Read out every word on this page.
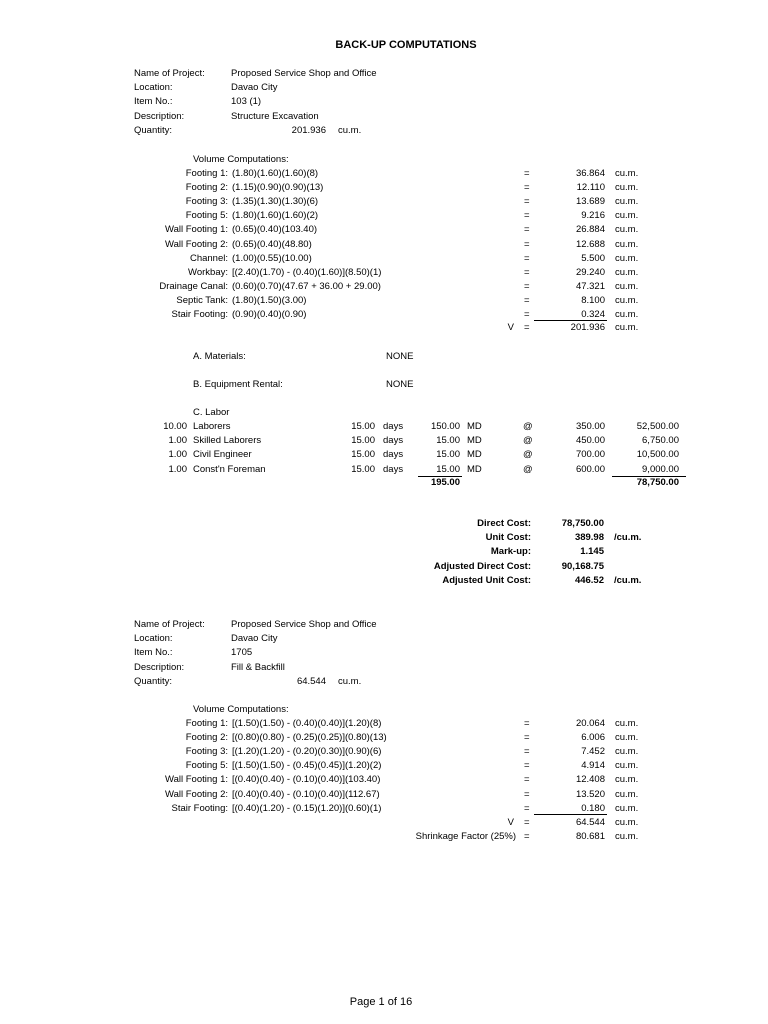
BACK-UP COMPUTATIONS
Name of Project:	Proposed Service Shop and Office
Location:	Davao City
Item No.:	103 (1)
Description:	Structure Excavation
Quantity:	201.936 cu.m.
Volume Computations:
Footing 1: (1.80)(1.60)(1.60)(8)	=	36.864 cu.m.
Footing 2: (1.15)(0.90)(0.90)(13)	=	12.110 cu.m.
Footing 3: (1.35)(1.30)(1.30)(6)	=	13.689 cu.m.
Footing 5: (1.80)(1.60)(1.60)(2)	=	9.216 cu.m.
Wall Footing 1: (0.65)(0.40)(103.40)	=	26.884 cu.m.
Wall Footing 2: (0.65)(0.40)(48.80)	=	12.688 cu.m.
Channel: (1.00)(0.55)(10.00)	=	5.500 cu.m.
Workbay: [(2.40)(1.70) - (0.40)(1.60)](8.50)(1)	=	29.240 cu.m.
Drainage Canal: (0.60)(0.70)(47.67 + 36.00 + 29.00)	=	47.321 cu.m.
Septic Tank: (1.80)(1.50)(3.00)	=	8.100 cu.m.
Stair Footing: (0.90)(0.40)(0.90)	=	0.324 cu.m.
V =	201.936 cu.m.
A. Materials:	NONE
B. Equipment Rental:	NONE
C. Labor
10.00 Laborers	15.00 days	150.00 MD	@	350.00	52,500.00
1.00 Skilled Laborers	15.00 days	15.00 MD	@	450.00	6,750.00
1.00 Civil Engineer	15.00 days	15.00 MD	@	700.00	10,500.00
1.00 Const'n Foreman	15.00 days	15.00 MD	@	600.00	9,000.00
195.00	78,750.00
Direct Cost:	78,750.00
Unit Cost:	389.98 /cu.m.
Mark-up:	1.145
Adjusted Direct Cost:	90,168.75
Adjusted Unit Cost:	446.52 /cu.m.
Name of Project:	Proposed Service Shop and Office
Location:	Davao City
Item No.:	1705
Description:	Fill & Backfill
Quantity:	64.544 cu.m.
Volume Computations:
Footing 1: [(1.50)(1.50) - (0.40)(0.40)](1.20)(8)	=	20.064 cu.m.
Footing 2: [(0.80)(0.80) - (0.25)(0.25)](0.80)(13)	=	6.006 cu.m.
Footing 3: [(1.20)(1.20) - (0.20)(0.30)](0.90)(6)	=	7.452 cu.m.
Footing 5: [(1.50)(1.50) - (0.45)(0.45)](1.20)(2)	=	4.914 cu.m.
Wall Footing 1: [(0.40)(0.40) - (0.10)(0.40)](103.40)	=	12.408 cu.m.
Wall Footing 2: [(0.40)(0.40) - (0.10)(0.40)](112.67)	=	13.520 cu.m.
Stair Footing: [(0.40)(1.20) - (0.15)(1.20)](0.60)(1)	=	0.180 cu.m.
V =	64.544 cu.m.
Shrinkage Factor (25%) =	80.681 cu.m.
Page 1 of 16
